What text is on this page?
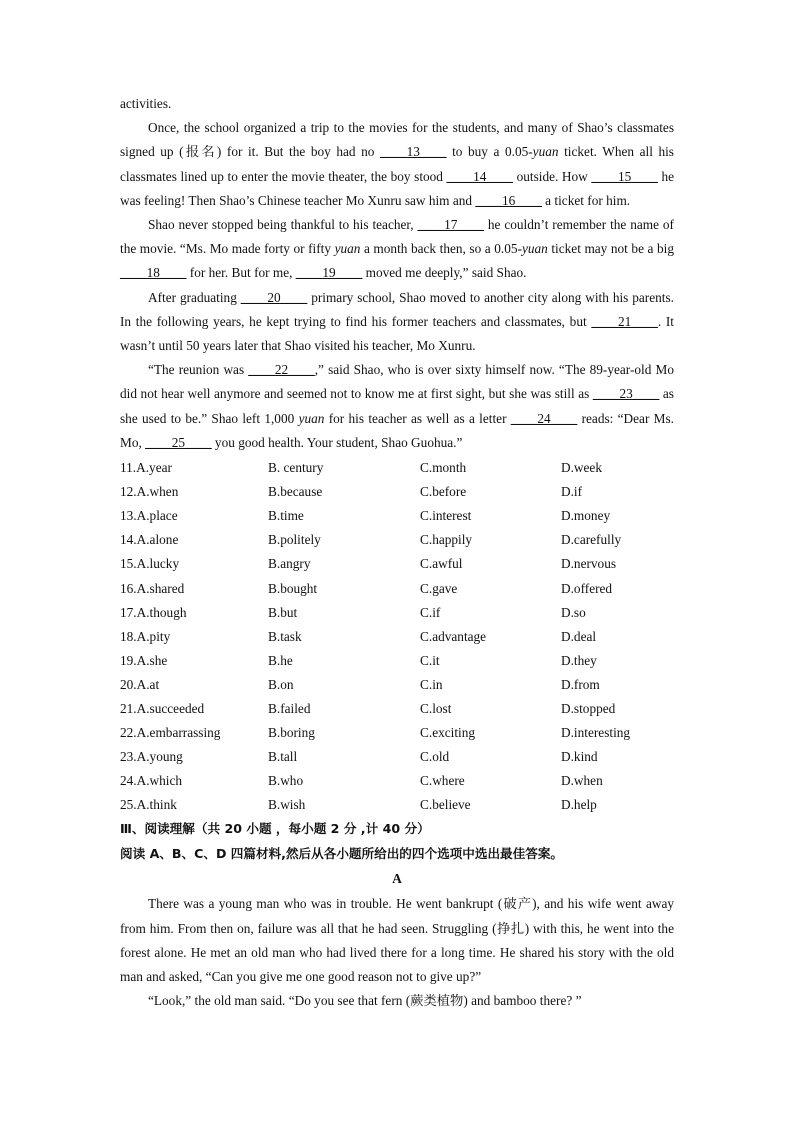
activities.

Once, the school organized a trip to the movies for the students, and many of Shao’s classmates signed up (报名) for it. But the boy had no ____13____ to buy a 0.05-yuan ticket. When all his classmates lined up to enter the movie theater, the boy stood ____14____ outside. How ____15____ he was feeling! Then Shao’s Chinese teacher Mo Xunru saw him and ____16____ a ticket for him.

Shao never stopped being thankful to his teacher, ____17____ he couldn’t remember the name of the movie. “Ms. Mo made forty or fifty yuan a month back then, so a 0.05-yuan ticket may not be a big ____18____ for her. But for me, ____19____ moved me deeply,” said Shao.

After graduating ____20____ primary school, Shao moved to another city along with his parents. In the following years, he kept trying to find his former teachers and classmates, but ____21____. It wasn’t until 50 years later that Shao visited his teacher, Mo Xunru.

“The reunion was ____22____,” said Shao, who is over sixty himself now. “The 89-year-old Mo did not hear well anymore and seemed not to know me at first sight, but she was still as ____23____ as she used to be.” Shao left 1,000 yuan for his teacher as well as a letter ____24____ reads: “Dear Ms. Mo, ____25____ you good health. Your student, Shao Guohua.”

11.A.year	B. century	C.month	D.week
12.A.when	B.because	C.before	D.if
13.A.place	B.time	C.interest	D.money
14.A.alone	B.politely	C.happily	D.carefully
15.A.lucky	B.angry	C.awful	D.nervous
16.A.shared	B.bought	C.gave	D.offered
17.A.though	B.but	C.if	D.so
18.A.pity	B.task	C.advantage	D.deal
19.A.she	B.he	C.it	D.they
20.A.at	B.on	C.in	D.from
21.A.succeeded	B.failed	C.lost	D.stopped
22.A.embarrassing	B.boring	C.exciting	D.interesting
23.A.young	B.tall	C.old	D.kind
24.A.which	B.who	C.where	D.when
25.A.think	B.wish	C.believe	D.help

Ⅲ、阅读理解（共 20 小题 ，每小题 2 分 ,计 40 分）

阅读 A、B、C、D 四篇材料,然后从各小题所给出的四个选项中选出最佳答案。

A

There was a young man who was in trouble. He went bankrupt (破产), and his wife went away from him. From then on, failure was all that he had seen. Struggling (挣扎) with this, he went into the forest alone. He met an old man who had lived there for a long time. He shared his story with the old man and asked, “Can you give me one good reason not to give up?”

“Look,” the old man said. “Do you see that fern (蕨类植物) and bamboo there? ”
